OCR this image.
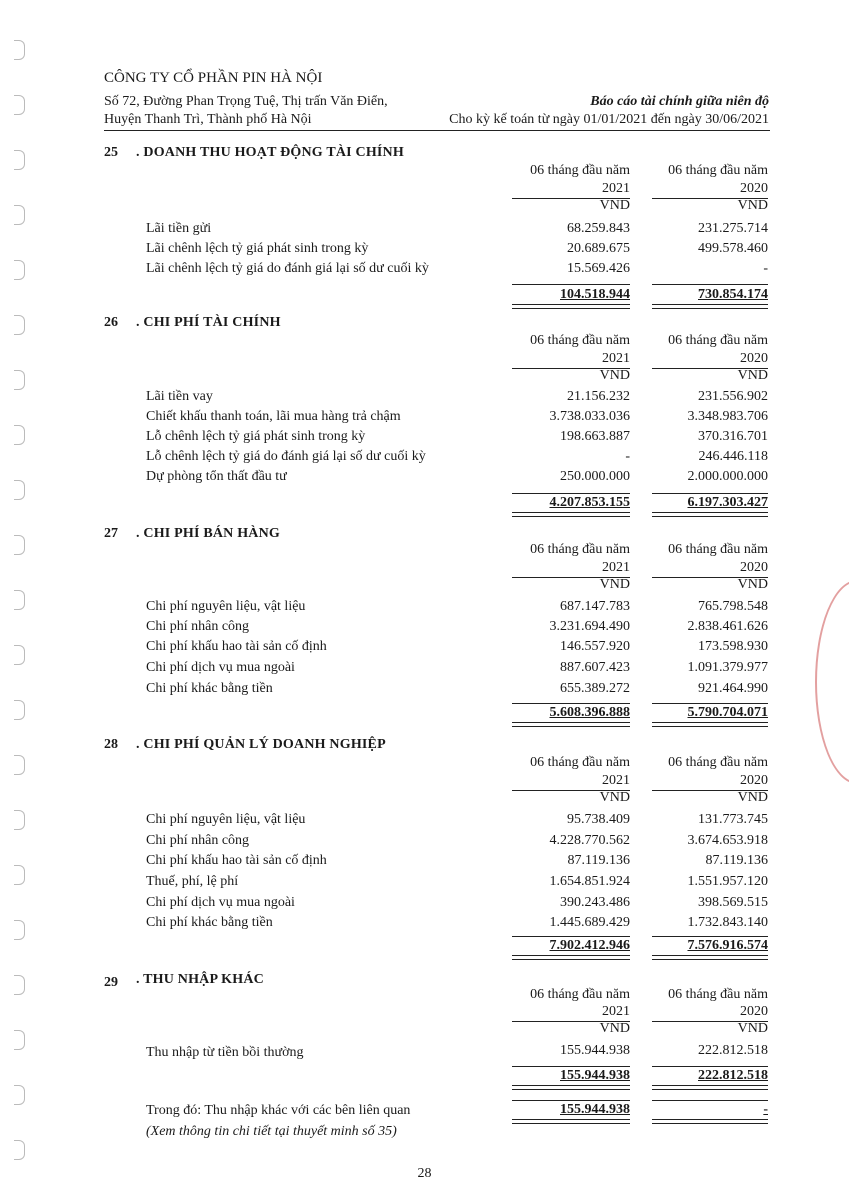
CÔNG TY CỔ PHẦN PIN HÀ NỘI
Số 72, Đường Phan Trọng Tuệ, Thị trấn Văn Điển,
Huyện Thanh Trì, Thành phố Hà Nội
Báo cáo tài chính giữa niên độ
Cho kỳ kế toán từ ngày 01/01/2021 đến ngày 30/06/2021
25 . DOANH THU HOẠT ĐỘNG TÀI CHÍNH
06 tháng đầu năm	06 tháng đầu năm
2021	2020
VND	VND
Lãi tiền gửi	68.259.843	231.275.714
Lãi chênh lệch tỷ giá phát sinh trong kỳ	20.689.675	499.578.460
Lãi chênh lệch tỷ giá do đánh giá lại số dư cuối kỳ	15.569.426	-
104.518.944	730.854.174
26 . CHI PHÍ TÀI CHÍNH
06 tháng đầu năm	06 tháng đầu năm
2021	2020
VND	VND
Lãi tiền vay	21.156.232	231.556.902
Chiết khấu thanh toán, lãi mua hàng trả chậm	3.738.033.036	3.348.983.706
Lỗ chênh lệch tỷ giá phát sinh trong kỳ	198.663.887	370.316.701
Lỗ chênh lệch tỷ giá do đánh giá lại số dư cuối kỳ	-	246.446.118
Dự phòng tổn thất đầu tư	250.000.000	2.000.000.000
4.207.853.155	6.197.303.427
27 . CHI PHÍ BÁN HÀNG
06 tháng đầu năm	06 tháng đầu năm
2021	2020
VND	VND
Chi phí nguyên liệu, vật liệu	687.147.783	765.798.548
Chi phí nhân công	3.231.694.490	2.838.461.626
Chi phí khấu hao tài sản cố định	146.557.920	173.598.930
Chi phí dịch vụ mua ngoài	887.607.423	1.091.379.977
Chi phí khác bằng tiền	655.389.272	921.464.990
5.608.396.888	5.790.704.071
28 . CHI PHÍ QUẢN LÝ DOANH NGHIỆP
06 tháng đầu năm	06 tháng đầu năm
2021	2020
VND	VND
Chi phí nguyên liệu, vật liệu	95.738.409	131.773.745
Chi phí nhân công	4.228.770.562	3.674.653.918
Chi phí khấu hao tài sản cố định	87.119.136	87.119.136
Thuế, phí, lệ phí	1.654.851.924	1.551.957.120
Chi phí dịch vụ mua ngoài	390.243.486	398.569.515
Chi phí khác bằng tiền	1.445.689.429	1.732.843.140
7.902.412.946	7.576.916.574
29 . THU NHẬP KHÁC
06 tháng đầu năm	06 tháng đầu năm
2021	2020
VND	VND
Thu nhập từ tiền bồi thường	155.944.938	222.812.518
155.944.938	222.812.518
Trong đó: Thu nhập khác với các bên liên quan	155.944.938	-
(Xem thông tin chi tiết tại thuyết minh số 35)
28
